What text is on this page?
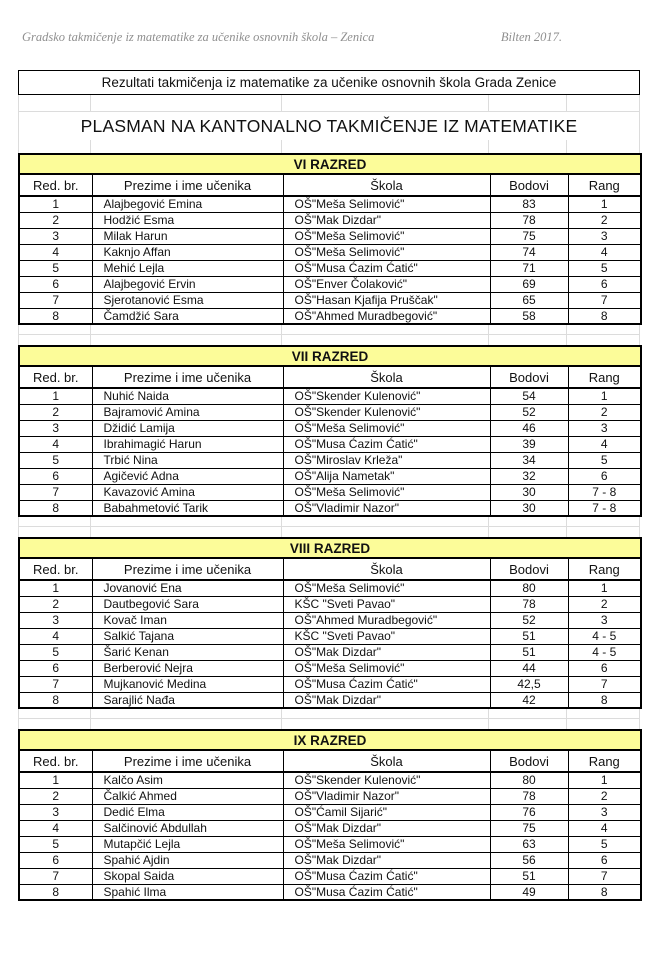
Gradsko takmičenje iz matematike za učenike osnovnih škola – Zenica	Bilten 2017.
Rezultati takmičenja iz matematike za učenike osnovnih škola Grada Zenice
PLASMAN NA KANTONALNO TAKMIČENJE IZ MATEMATIKE
VI RAZRED				
Red. br.	Prezime i ime učenika	Škola	Bodovi	Rang
1	Alajbegović Emina	OŠ"Meša Selimović"	83	1
2	Hodžić Esma	OŠ"Mak Dizdar"	78	2
3	Milak Harun	OŠ"Meša Selimović"	75	3
4	Kaknjo Affan	OŠ"Meša Selimović"	74	4
5	Mehić Lejla	OŠ"Musa Ćazim Ćatić"	71	5
6	Alajbegović Ervin	OŠ"Enver Čolaković"	69	6
7	Sjerotanović Esma	OŠ"Hasan Kjafija Pruščak"	65	7
8	Čamdžić Sara	OŠ"Ahmed Muradbegović"	58	8
VII RAZRED				
Red. br.	Prezime i ime učenika	Škola	Bodovi	Rang
1	Nuhić Naida	OŠ"Skender Kulenović"	54	1
2	Bajramović Amina	OŠ"Skender Kulenović"	52	2
3	Džidić Lamija	OŠ"Meša Selimović"	46	3
4	Ibrahimagić Harun	OŠ"Musa Ćazim Ćatić"	39	4
5	Trbić Nina	OŠ"Miroslav Krleža"	34	5
6	Agičević Adna	OŠ"Alija Nametak"	32	6
7	Kavazović Amina	OŠ"Meša Selimović"	30	7 - 8
8	Babahmetović Tarik	OŠ"Vladimir Nazor"	30	7 - 8
VIII RAZRED				
Red. br.	Prezime i ime učenika	Škola	Bodovi	Rang
1	Jovanović Ena	OŠ"Meša Selimović"	80	1
2	Dautbegović Sara	KŠC "Sveti Pavao"	78	2
3	Kovač Iman	OŠ"Ahmed Muradbegović"	52	3
4	Salkić Tajana	KŠC "Sveti Pavao"	51	4 - 5
5	Šarić Kenan	OŠ"Mak Dizdar"	51	4 - 5
6	Berberović Nejra	OŠ"Meša Selimović"	44	6
7	Mujkanović Medina	OŠ"Musa Ćazim Ćatić"	42,5	7
8	Sarajlić Nađa	OŠ"Mak Dizdar"	42	8
IX RAZRED				
Red. br.	Prezime i ime učenika	Škola	Bodovi	Rang
1	Kalčo Asim	OŠ"Skender Kulenović"	80	1
2	Čalkić Ahmed	OŠ"Vladimir Nazor"	78	2
3	Dedić Elma	OŠ"Ćamil Sijarić"	76	3
4	Salčinović Abdullah	OŠ"Mak Dizdar"	75	4
5	Mutapčić Lejla	OŠ"Meša Selimović"	63	5
6	Spahić Ajdin	OŠ"Mak Dizdar"	56	6
7	Skopal Saida	OŠ"Musa Ćazim Ćatić"	51	7
8	Spahić Ilma	OŠ"Musa Ćazim Ćatić"	49	8
